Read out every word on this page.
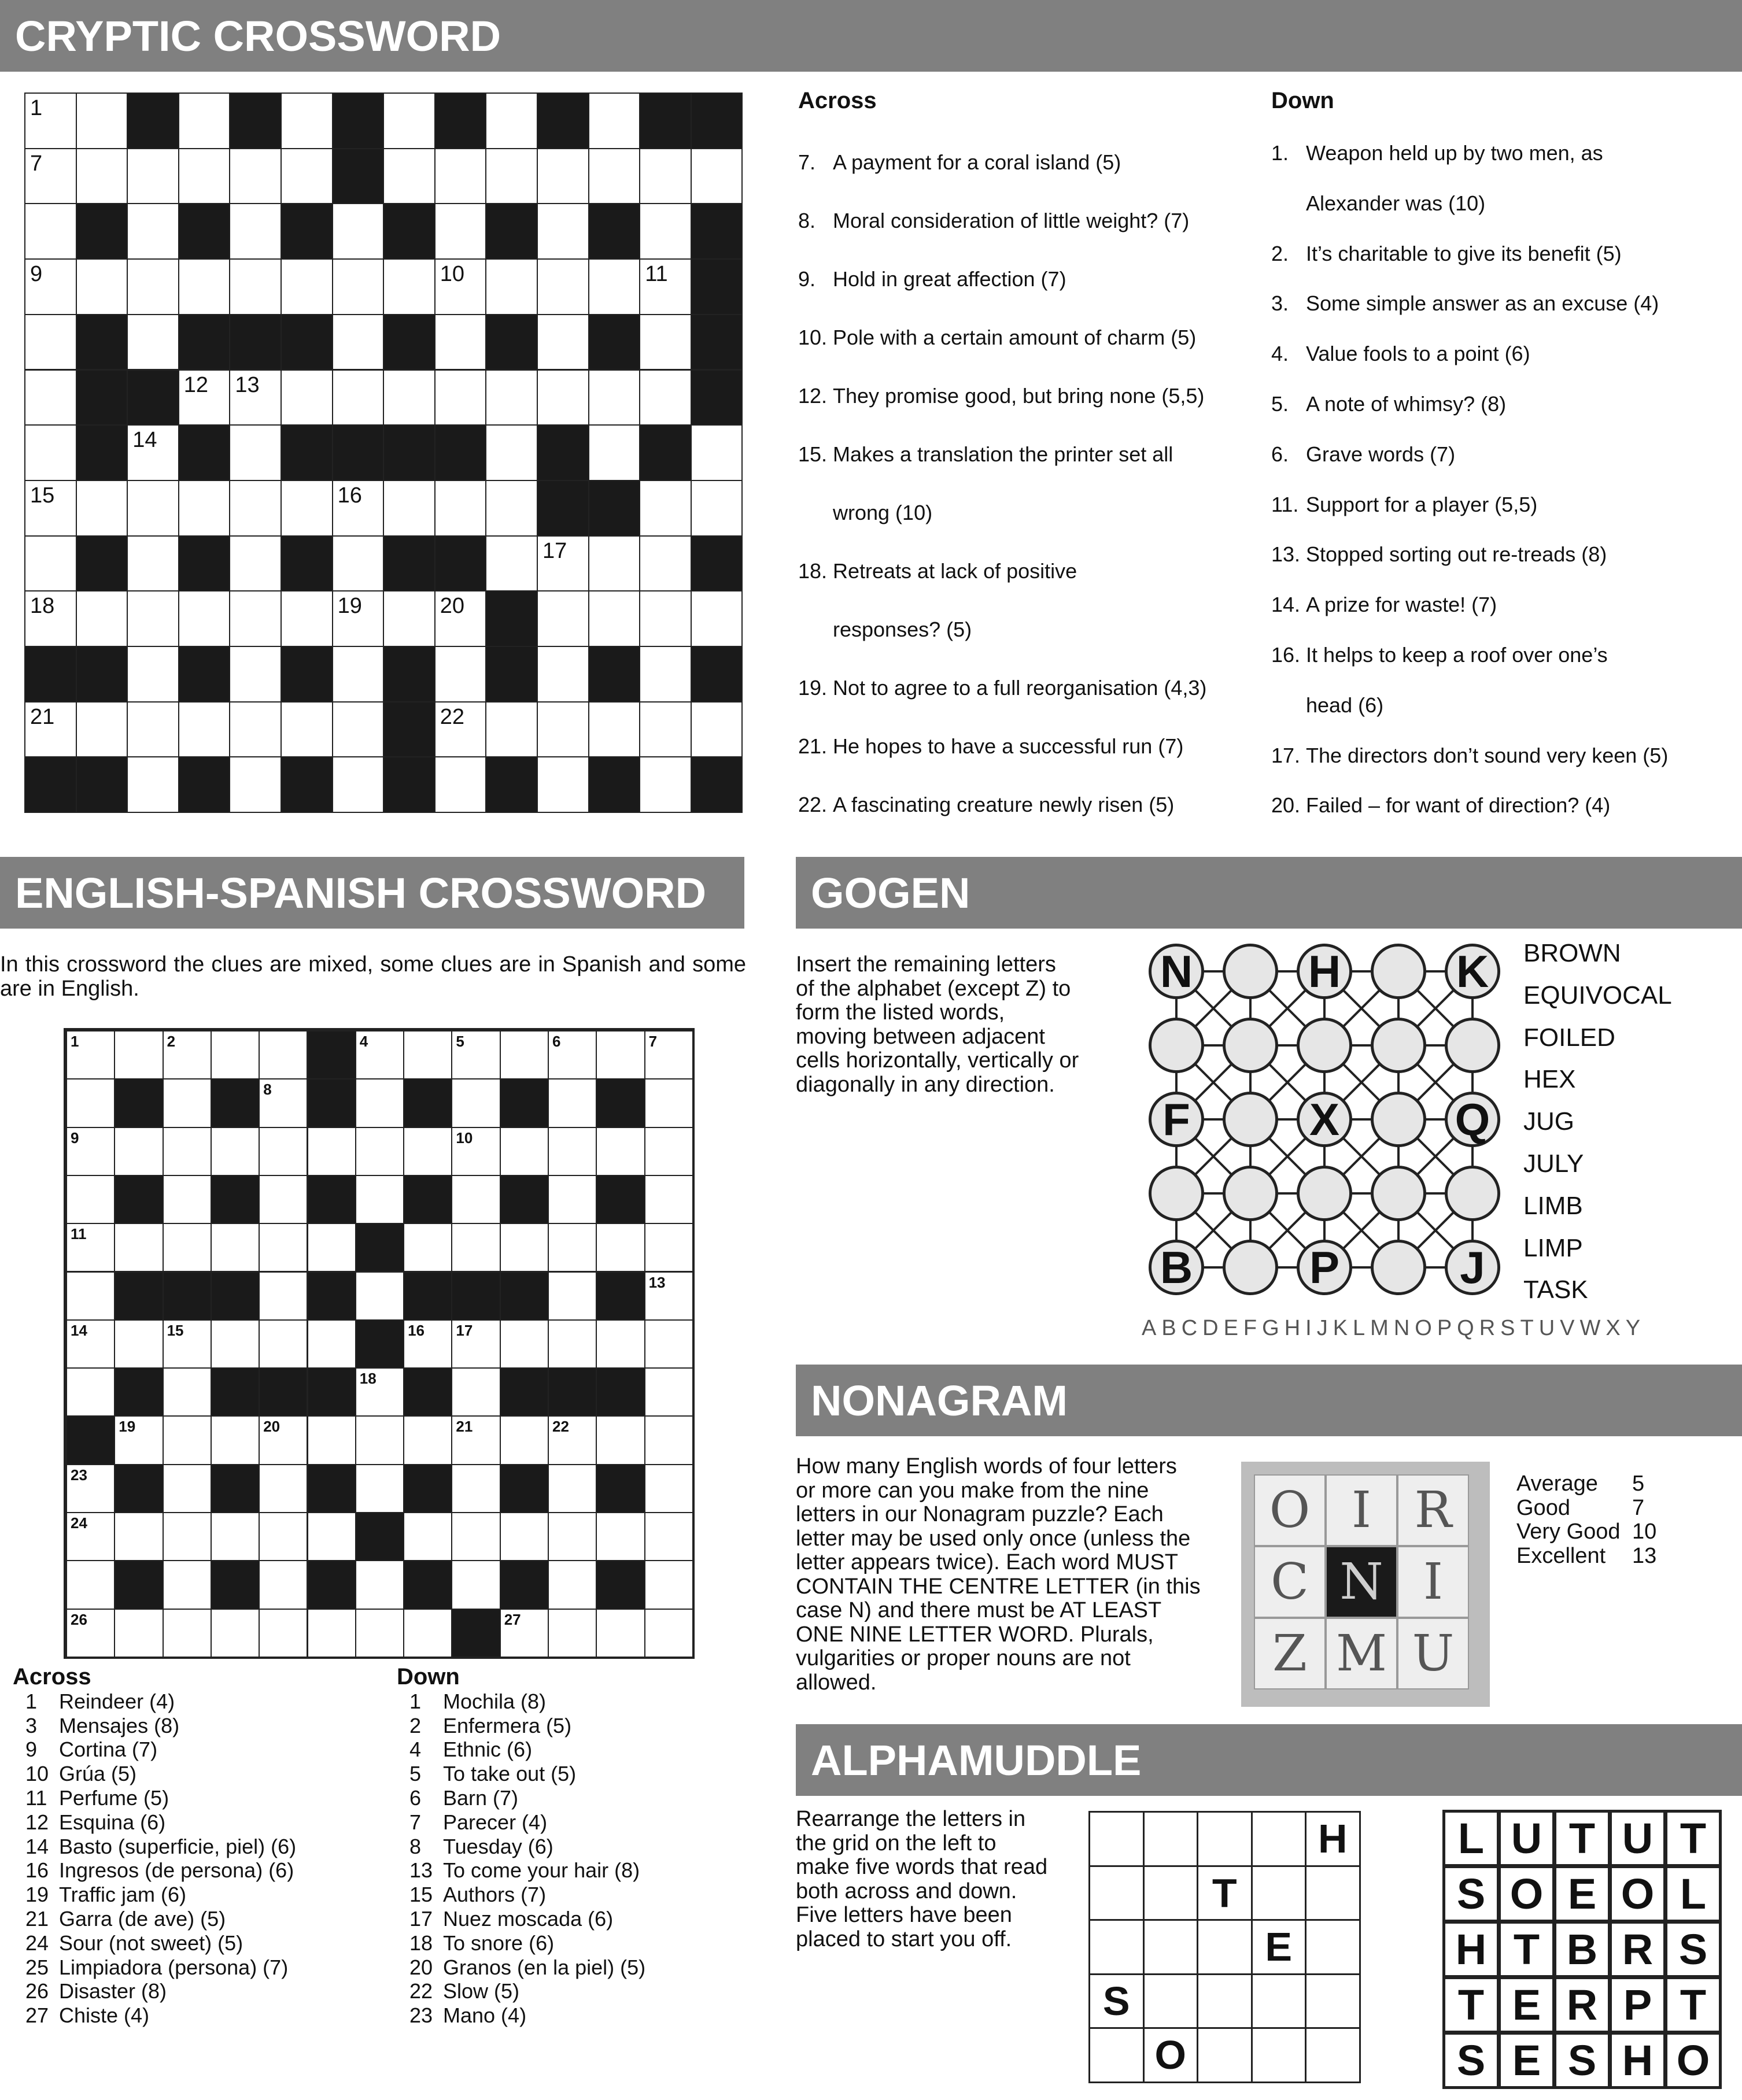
CRYPTIC CROSSWORD
1
7
9	10	11
12 13
14
15	16
17
18	19	20
21	22
Across
7. A payment for a coral island (5)
8. Moral consideration of little weight? (7)
9. Hold in great affection (7)
10. Pole with a certain amount of charm (5)
12. They promise good, but bring none (5,5)
15. Makes a translation the printer set all
wrong (10)
18. Retreats at lack of positive
responses? (5)
19. Not to agree to a full reorganisation (4,3)
21. He hopes to have a successful run (7)
22. A fascinating creature newly risen (5)
Down
1. Weapon held up by two men, as
Alexander was (10)
2. It’s charitable to give its benefit (5)
3. Some simple answer as an excuse (4)
4. Value fools to a point (6)
5. A note of whimsy? (8)
6. Grave words (7)
11. Support for a player (5,5)
13. Stopped sorting out re-treads (8)
14. A prize for waste! (7)
16. It helps to keep a roof over one’s
head (6)
17. The directors don’t sound very keen (5)
20. Failed – for want of direction? (4)
ENGLISH-SPANISH CROSSWORD
In this crossword the clues are mixed, some clues are in Spanish and some are in English.
1	2	4	5	6	7
8
9	10
11
13
14	15	16 17
18
19	20	21	22
23
24
26	27
Across
1 Reindeer (4)
3 Mensajes (8)
9 Cortina (7)
10 Grúa (5)
11 Perfume (5)
12 Esquina (6)
14 Basto (superficie, piel) (6)
16 Ingresos (de persona) (6)
19 Traffic jam (6)
21 Garra (de ave) (5)
24 Sour (not sweet) (5)
25 Limpiadora (persona) (7)
26 Disaster (8)
27 Chiste (4)
Down
1 Mochila (8)
2 Enfermera (5)
4 Ethnic (6)
5 To take out (5)
6 Barn (7)
7 Parecer (4)
8 Tuesday (6)
13 To come your hair (8)
15 Authors (7)
17 Nuez moscada (6)
18 To snore (6)
20 Granos (en la piel) (5)
22 Slow (5)
23 Mano (4)
GOGEN
Insert the remaining letters of the alphabet (except Z) to form the listed words, moving between adjacent cells horizontally, vertically or diagonally in any direction.
N	H	K
F	X	Q
B	P	J
BROWN
EQUIVOCAL
FOILED
HEX
JUG
JULY
LIMB
LIMP
TASK
ABCDEFGHIJKLMNOPQRSTUVWXY
NONAGRAM
How many English words of four letters or more can you make from the nine letters in our Nonagram puzzle? Each letter may be used only once (unless the letter appears twice). Each word MUST CONTAIN THE CENTRE LETTER (in this case N) and there must be AT LEAST ONE NINE LETTER WORD. Plurals, vulgarities or proper nouns are not allowed.
O I R
C N I
Z M U
Average 5
Good	7
Very Good 10
Excellent 13
ALPHAMUDDLE
Rearrange the letters in the grid on the left to make five words that read both across and down. Five letters have been placed to start you off.
H
T
E
S
O
L U T U T
S O E O L
H T B R S
T E R P T
S E S H O
